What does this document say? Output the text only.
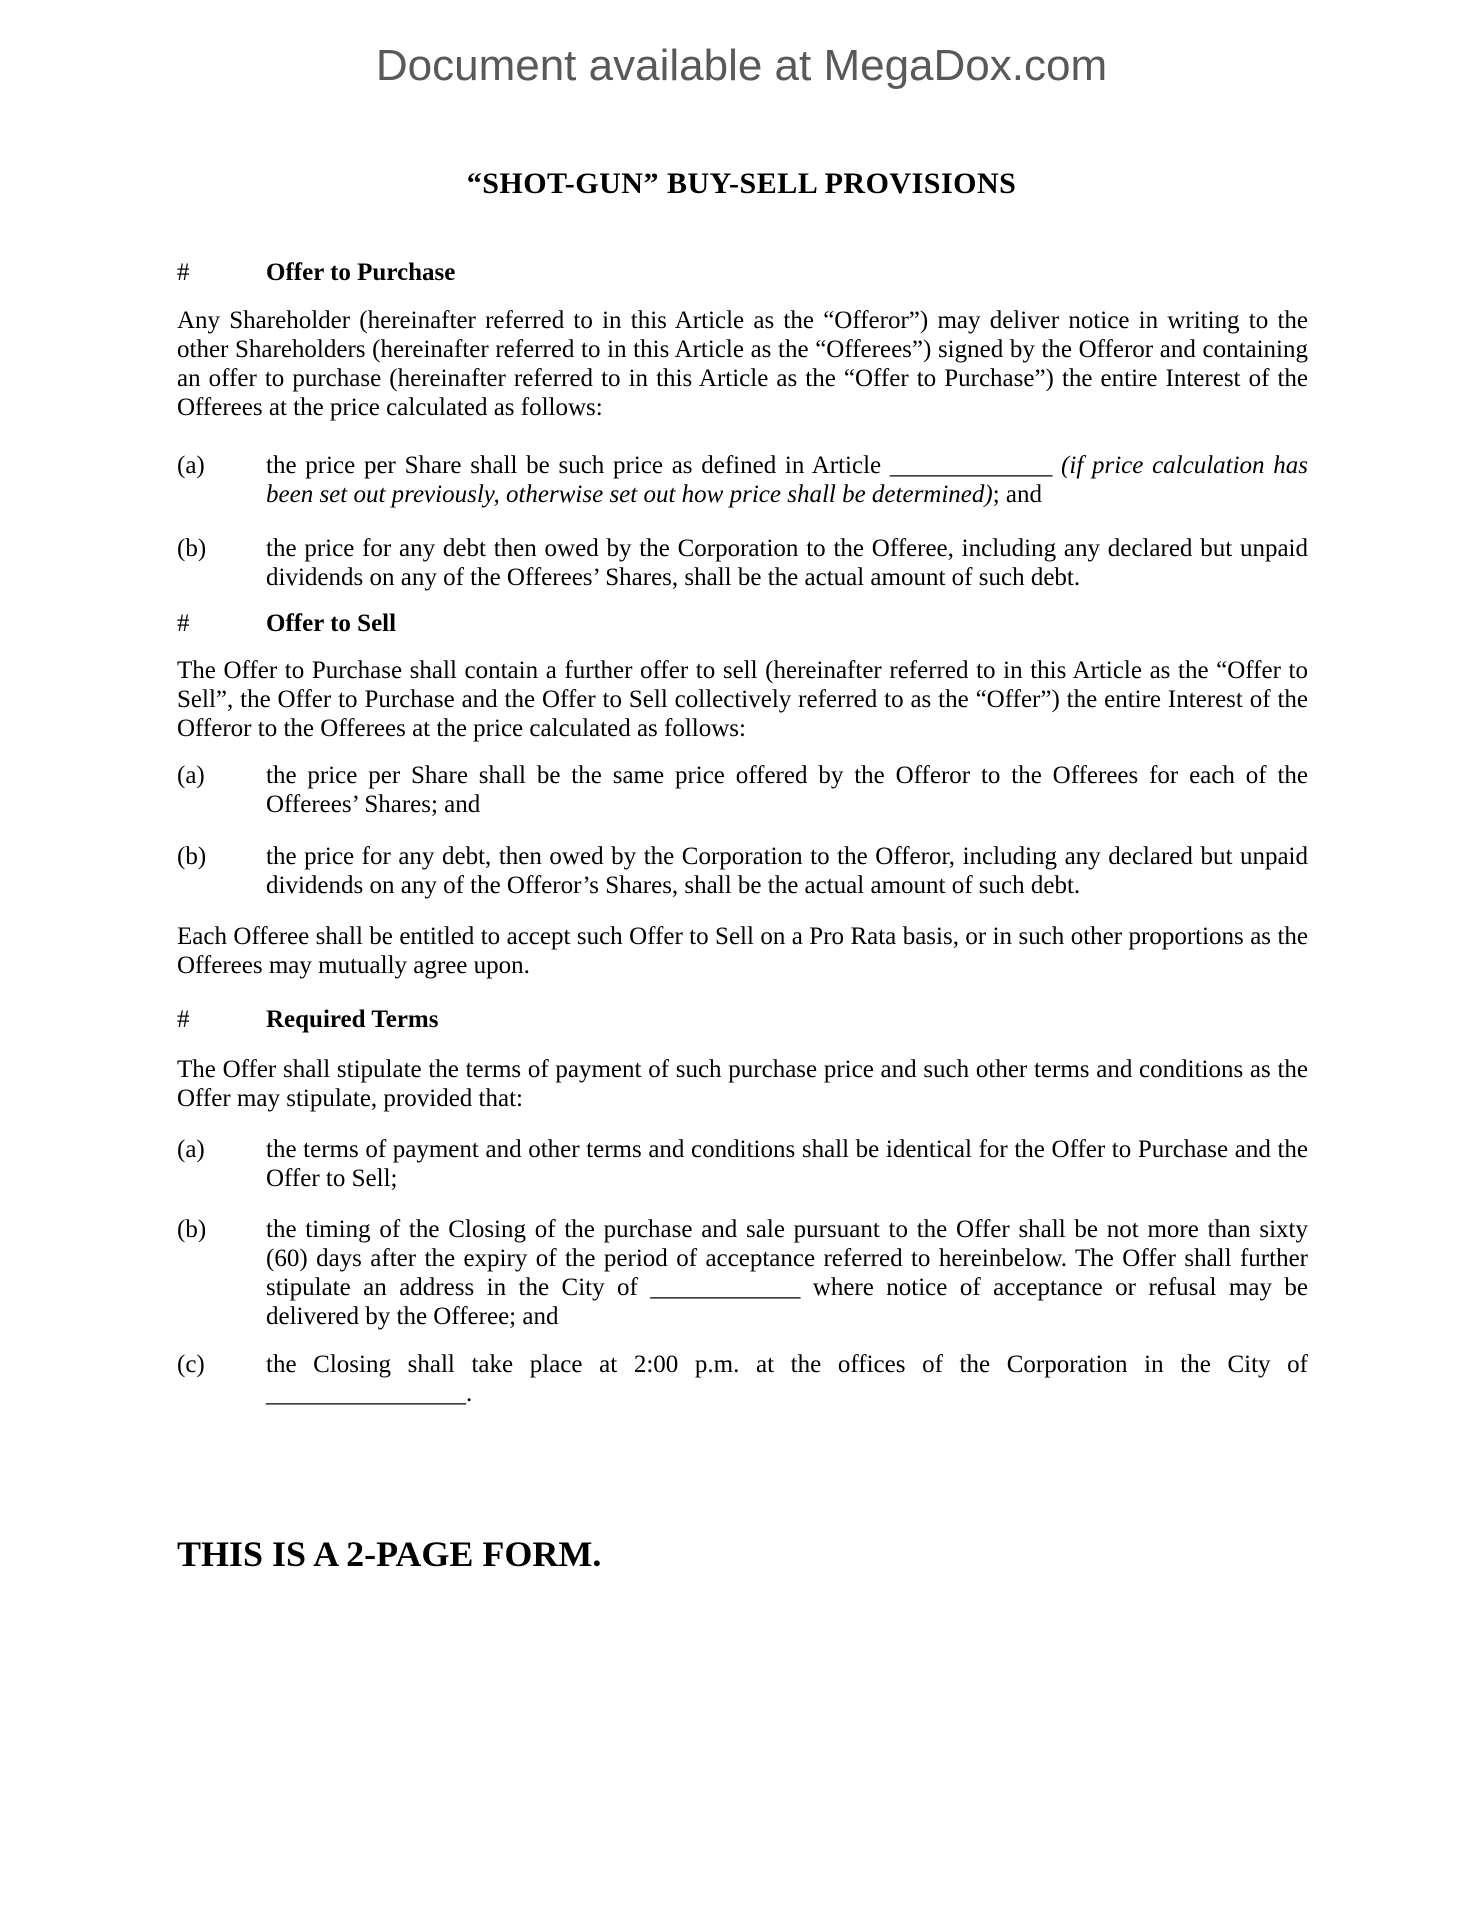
Document available at MegaDox.com
“SHOT-GUN” BUY-SELL PROVISIONS
#	Offer to Purchase

Any Shareholder (hereinafter referred to in this Article as the “Offeror”) may deliver notice in writing to the other Shareholders (hereinafter referred to in this Article as the “Offerees”) signed by the Offeror and containing an offer to purchase (hereinafter referred to in this Article as the “Offer to Purchase”) the entire Interest of the Offerees at the price calculated as follows:

(a)	the price per Share shall be such price as defined in Article _____________ (if price calculation has been set out previously, otherwise set out how price shall be determined); and
(b)	the price for any debt then owed by the Corporation to the Offeree, including any declared but unpaid dividends on any of the Offerees’ Shares, shall be the actual amount of such debt.
#	Offer to Sell

The Offer to Purchase shall contain a further offer to sell (hereinafter referred to in this Article as the “Offer to Sell”, the Offer to Purchase and the Offer to Sell collectively referred to as the “Offer”) the entire Interest of the Offeror to the Offerees at the price calculated as follows:

(a)	the price per Share shall be the same price offered by the Offeror to the Offerees for each of the Offerees’ Shares; and
(b)	the price for any debt, then owed by the Corporation to the Offeror, including any declared but unpaid dividends on any of the Offeror’s Shares, shall be the actual amount of such debt.

Each Offeree shall be entitled to accept such Offer to Sell on a Pro Rata basis, or in such other proportions as the Offerees may mutually agree upon.

#	Required Terms

The Offer shall stipulate the terms of payment of such purchase price and such other terms and conditions as the Offer may stipulate, provided that:

(a)	the terms of payment and other terms and conditions shall be identical for the Offer to Purchase and the Offer to Sell;
(b)	the timing of the Closing of the purchase and sale pursuant to the Offer shall be not more than sixty (60) days after the expiry of the period of acceptance referred to hereinbelow. The Offer shall further stipulate an address in the City of ____________ where notice of acceptance or refusal may be delivered by the Offeree; and
(c)	the Closing shall take place at 2:00 p.m. at the offices of the Corporation in the City of ________________.
THIS IS A 2-PAGE FORM.
